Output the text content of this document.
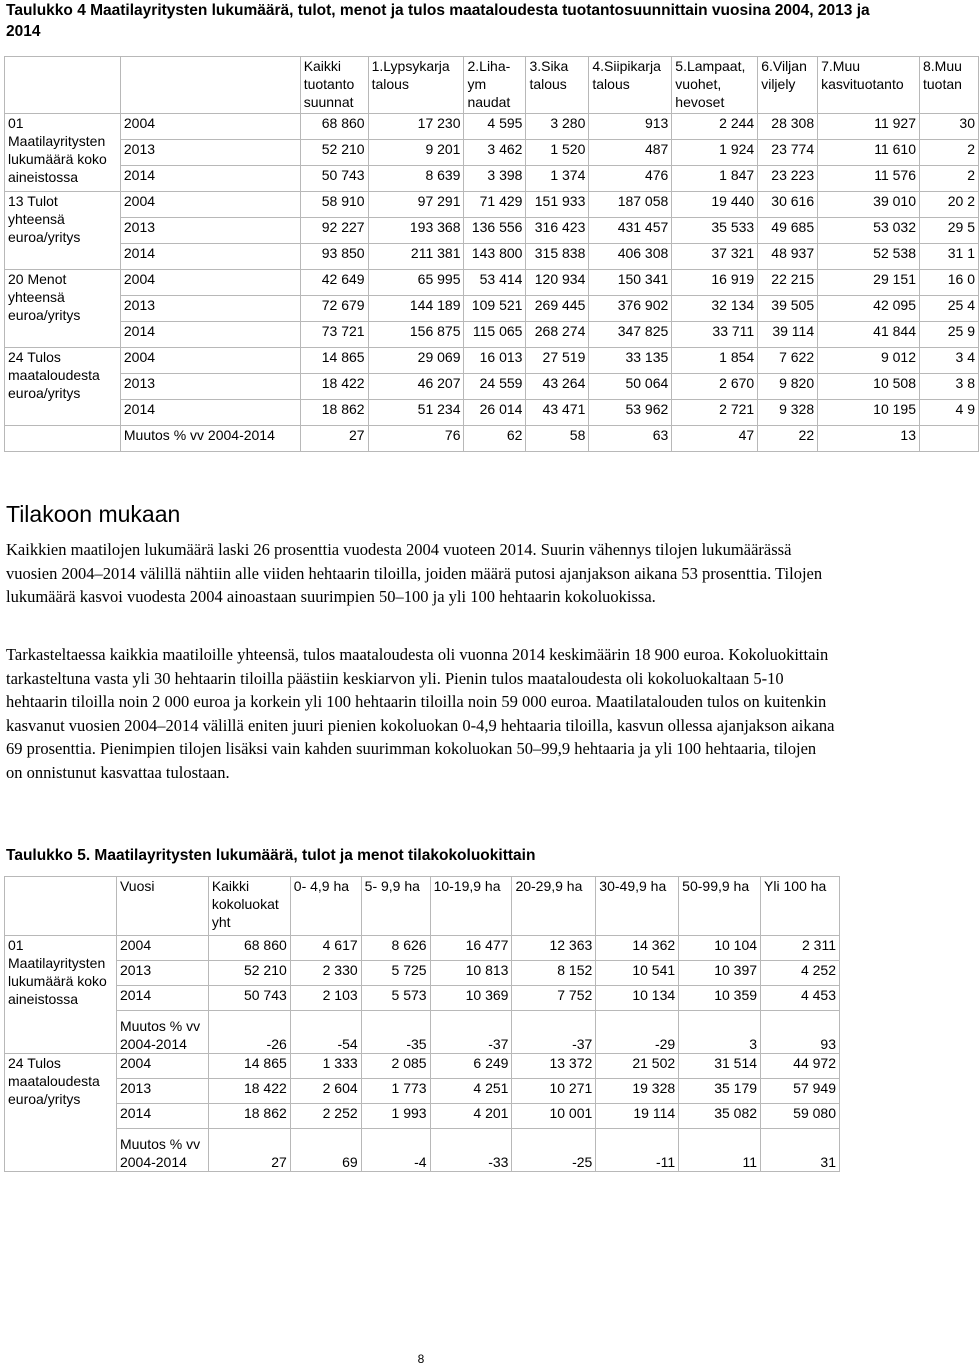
Taulukko 4 Maatilayritysten lukumäärä, tulot, menot ja tulos maataloudesta tuotantosuunnittain vuosina 2004, 2013 ja 2014
		Kaikki tuotanto suunnat	1.Lypsykarja talous	2.Liha- ym naudat	3.Sika talous	4.Siipikarja talous	5.Lampaat, vuohet, hevoset	6.Viljan viljely	7.Muu kasvituotanto	8.Muu tuotan
01 Maatilayritysten lukumäärä koko aineistossa	2004	68 860	17 230	4 595	3 280	913	2 244	28 308	11 927	30
	2013	52 210	9 201	3 462	1 520	487	1 924	23 774	11 610	2
	2014	50 743	8 639	3 398	1 374	476	1 847	23 223	11 576	2
13 Tulot yhteensä euroa/yritys	2004	58 910	97 291	71 429	151 933	187 058	19 440	30 616	39 010	20 2
	2013	92 227	193 368	136 556	316 423	431 457	35 533	49 685	53 032	29 5
	2014	93 850	211 381	143 800	315 838	406 308	37 321	48 937	52 538	31 1
20 Menot yhteensä euroa/yritys	2004	42 649	65 995	53 414	120 934	150 341	16 919	22 215	29 151	16 0
	2013	72 679	144 189	109 521	269 445	376 902	32 134	39 505	42 095	25 4
	2014	73 721	156 875	115 065	268 274	347 825	33 711	39 114	41 844	25 9
24 Tulos maataloudesta euroa/yritys	2004	14 865	29 069	16 013	27 519	33 135	1 854	7 622	9 012	3 4
	2013	18 422	46 207	24 559	43 264	50 064	2 670	9 820	10 508	3 8
	2014	18 862	51 234	26 014	43 471	53 962	2 721	9 328	10 195	4 9
	Muutos % vv 2004-2014	27	76	62	58	63	47	22	13	
Tilakoon mukaan
Kaikkien maatilojen lukumäärä laski 26 prosenttia vuodesta 2004 vuoteen 2014. Suurin vähennys tilojen lukumäärässä vuosien 2004–2014 välillä nähtiin alle viiden hehtaarin tiloilla, joiden määrä putosi ajanjakson aikana 53 prosenttia. Tilojen lukumäärä kasvoi vuodesta 2004 ainoastaan suurimpien 50–100 ja yli 100 hehtaarin kokoluokissa.
Tarkasteltaessa kaikkia maatiloille yhteensä, tulos maataloudesta oli vuonna 2014 keskimäärin 18 900 euroa. Kokoluokittain tarkasteltuna vasta yli 30 hehtaarin tiloilla päästiin keskiarvon yli. Pienin tulos maataloudesta oli kokoluokaltaan 5-10 hehtaarin tiloilla noin 2 000 euroa ja korkein yli 100 hehtaarin tiloilla noin 59 000 euroa. Maatilatalouden tulos on kuitenkin kasvanut vuosien 2004–2014 välillä eniten juuri pienien kokoluokan 0-4,9 hehtaaria tiloilla, kasvun ollessa ajanjakson aikana 69 prosenttia. Pienimpien tilojen lisäksi vain kahden suurimman kokoluokan 50–99,9 hehtaaria ja yli 100 hehtaaria, tilojen on onnistunut kasvattaa tulostaan.
Taulukko 5. Maatilayritysten lukumäärä, tulot ja menot tilakokoluokittain
	Vuosi	Kaikki kokoluokat yht	0- 4,9 ha	5- 9,9 ha	10-19,9 ha	20-29,9 ha	30-49,9 ha	50-99,9 ha	Yli 100 ha
01 Maatilayritysten lukumäärä koko aineistossa	2004	68 860	4 617	8 626	16 477	12 363	14 362	10 104	2 311
	2013	52 210	2 330	5 725	10 813	8 152	10 541	10 397	4 252
	2014	50 743	2 103	5 573	10 369	7 752	10 134	10 359	4 453
	Muutos % vv 2004-2014	-26	-54	-35	-37	-37	-29	3	93
24 Tulos maataloudesta euroa/yritys	2004	14 865	1 333	2 085	6 249	13 372	21 502	31 514	44 972
	2013	18 422	2 604	1 773	4 251	10 271	19 328	35 179	57 949
	2014	18 862	2 252	1 993	4 201	10 001	19 114	35 082	59 080
	Muutos % vv 2004-2014	27	69	-4	-33	-25	-11	11	31
8
